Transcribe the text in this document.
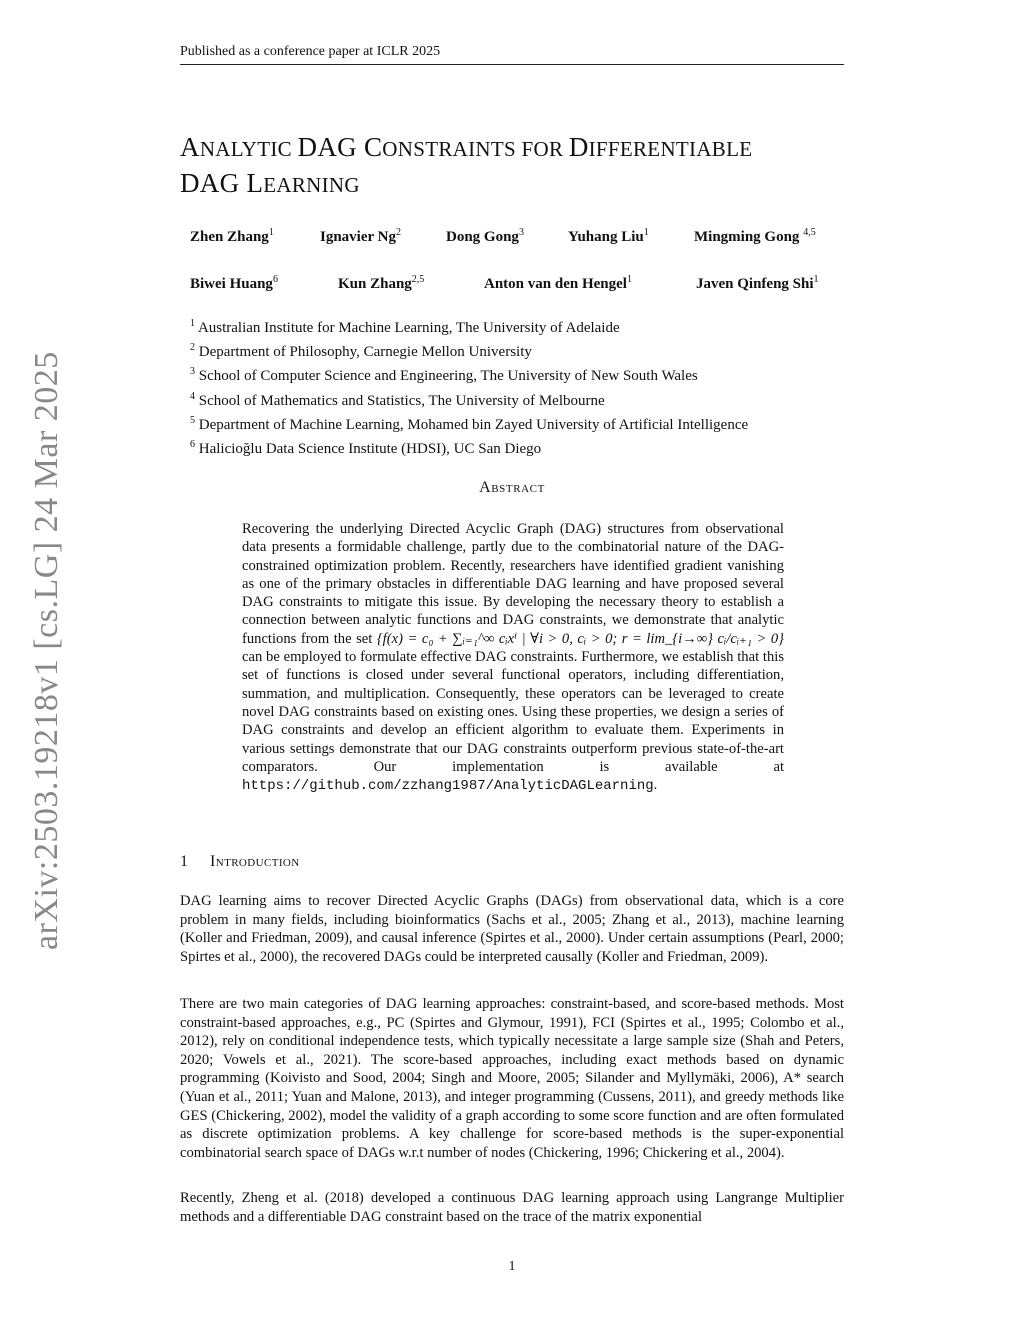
Published as a conference paper at ICLR 2025
arXiv:2503.19218v1 [cs.LG] 24 Mar 2025
ANALYTIC DAG CONSTRAINTS FOR DIFFERENTIABLE
DAG LEARNING
Zhen Zhang$^1$	Ignavier Ng$^2$	Dong Gong$^3$	Yuhang Liu$^1$	Mingming Gong $^{4,5}$
Biwei Huang$^6$	Kun Zhang$^{2,5}$	Anton van den Hengel$^1$	Javen Qinfeng Shi$^1$
$^1$ Australian Institute for Machine Learning, The University of Adelaide
$^2$ Department of Philosophy, Carnegie Mellon University
$^3$ School of Computer Science and Engineering, The University of New South Wales
$^4$ School of Mathematics and Statistics, The University of Melbourne
$^5$ Department of Machine Learning, Mohamed bin Zayed University of Artificial Intelligence
$^6$ Halicioğlu Data Science Institute (HDSI), UC San Diego
Abstract
Recovering the underlying Directed Acyclic Graph (DAG) structures from observational data presents a formidable challenge, partly due to the combinatorial nature of the DAG-constrained optimization problem. Recently, researchers have identified gradient vanishing as one of the primary obstacles in differentiable DAG learning and have proposed several DAG constraints to mitigate this issue. By developing the necessary theory to establish a connection between analytic functions and DAG constraints, we demonstrate that analytic functions from the set {f(x) = c₀ + ∑ᵢ₌₁^∞ cᵢxⁱ | ∀i > 0, cᵢ > 0; r = lim_{i→∞} cᵢ/cᵢ₊₁ > 0} can be employed to formulate effective DAG constraints. Furthermore, we establish that this set of functions is closed under several functional operators, including differentiation, summation, and multiplication. Consequently, these operators can be leveraged to create novel DAG constraints based on existing ones. Using these properties, we design a series of DAG constraints and develop an efficient algorithm to evaluate them. Experiments in various settings demonstrate that our DAG constraints outperform previous state-of-the-art comparators. Our implementation is available at https://github.com/zzhang1987/AnalyticDAGLearning.
1 Introduction
DAG learning aims to recover Directed Acyclic Graphs (DAGs) from observational data, which is a core problem in many fields, including bioinformatics (Sachs et al., 2005; Zhang et al., 2013), machine learning (Koller and Friedman, 2009), and causal inference (Spirtes et al., 2000). Under certain assumptions (Pearl, 2000; Spirtes et al., 2000), the recovered DAGs could be interpreted causally (Koller and Friedman, 2009).
There are two main categories of DAG learning approaches: constraint-based, and score-based methods. Most constraint-based approaches, e.g., PC (Spirtes and Glymour, 1991), FCI (Spirtes et al., 1995; Colombo et al., 2012), rely on conditional independence tests, which typically necessitate a large sample size (Shah and Peters, 2020; Vowels et al., 2021). The score-based approaches, including exact methods based on dynamic programming (Koivisto and Sood, 2004; Singh and Moore, 2005; Silander and Myllymäki, 2006), A* search (Yuan et al., 2011; Yuan and Malone, 2013), and integer programming (Cussens, 2011), and greedy methods like GES (Chickering, 2002), model the validity of a graph according to some score function and are often formulated as discrete optimization problems. A key challenge for score-based methods is the super-exponential combinatorial search space of DAGs w.r.t number of nodes (Chickering, 1996; Chickering et al., 2004).
Recently, Zheng et al. (2018) developed a continuous DAG learning approach using Langrange Multiplier methods and a differentiable DAG constraint based on the trace of the matrix exponential
1
